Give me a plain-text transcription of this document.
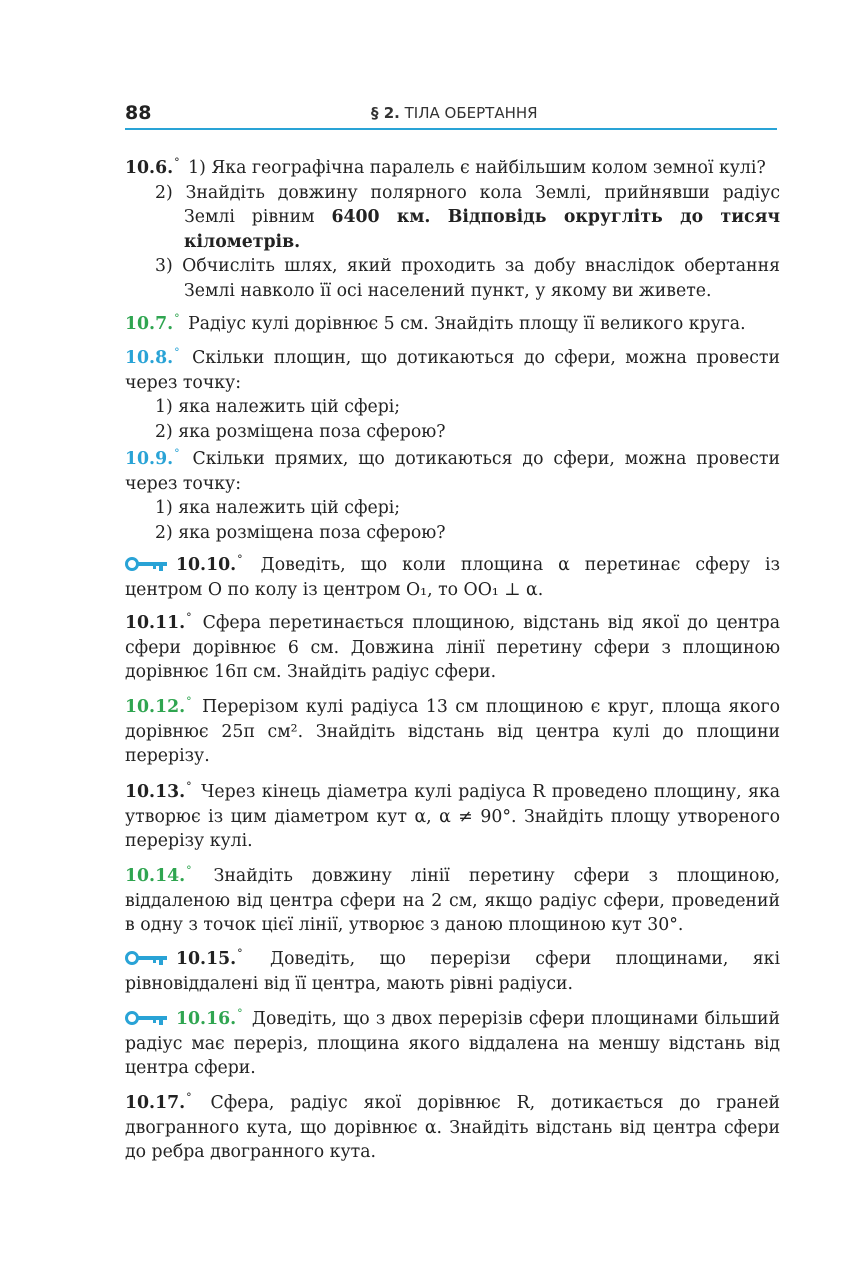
88	§ 2. ТІЛА ОБЕРТАННЯ
10.6.° 1) Яка географічна паралель є найбільшим колом земної кулі?
2) Знайдіть довжину полярного кола Землі, прийнявши радіус Землі рівним 6400 км. Відповідь округліть до тисяч кілометрів.
3) Обчисліть шлях, який проходить за добу внаслідок обертання Землі навколо її осі населений пункт, у якому ви живете.
10.7.° Радіус кулі дорівнює 5 см. Знайдіть площу її великого круга.
10.8.° Скільки площин, що дотикаються до сфери, можна провести через точку:
1) яка належить цій сфері;
2) яка розміщена поза сферою?
10.9.° Скільки прямих, що дотикаються до сфери, можна провести через точку:
1) яка належить цій сфері;
2) яка розміщена поза сферою?
10.10.° Доведіть, що коли площина α перетинає сферу із центром O по колу із центром O₁, то OO₁ ⊥ α.
10.11.° Сфера перетинається площиною, відстань від якої до центра сфери дорівнює 6 см. Довжина лінії перетину сфери з площиною дорівнює 16π см. Знайдіть радіус сфери.
10.12.° Перерізом кулі радіуса 13 см площиною є круг, площа якого дорівнює 25π см². Знайдіть відстань від центра кулі до площини перерізу.
10.13.° Через кінець діаметра кулі радіуса R проведено площину, яка утворює із цим діаметром кут α, α ≠ 90°. Знайдіть площу утвореного перерізу кулі.
10.14.° Знайдіть довжину лінії перетину сфери з площиною, віддаленою від центра сфери на 2 см, якщо радіус сфери, проведений в одну з точок цієї лінії, утворює з даною площиною кут 30°.
10.15.° Доведіть, що перерізи сфери площинами, які рівновіддалені від її центра, мають рівні радіуси.
10.16.° Доведіть, що з двох перерізів сфери площинами більший радіус має переріз, площина якого віддалена на меншу відстань від центра сфери.
10.17.° Сфера, радіус якої дорівнює R, дотикається до граней двогранного кута, що дорівнює α. Знайдіть відстань від центра сфери до ребра двогранного кута.
